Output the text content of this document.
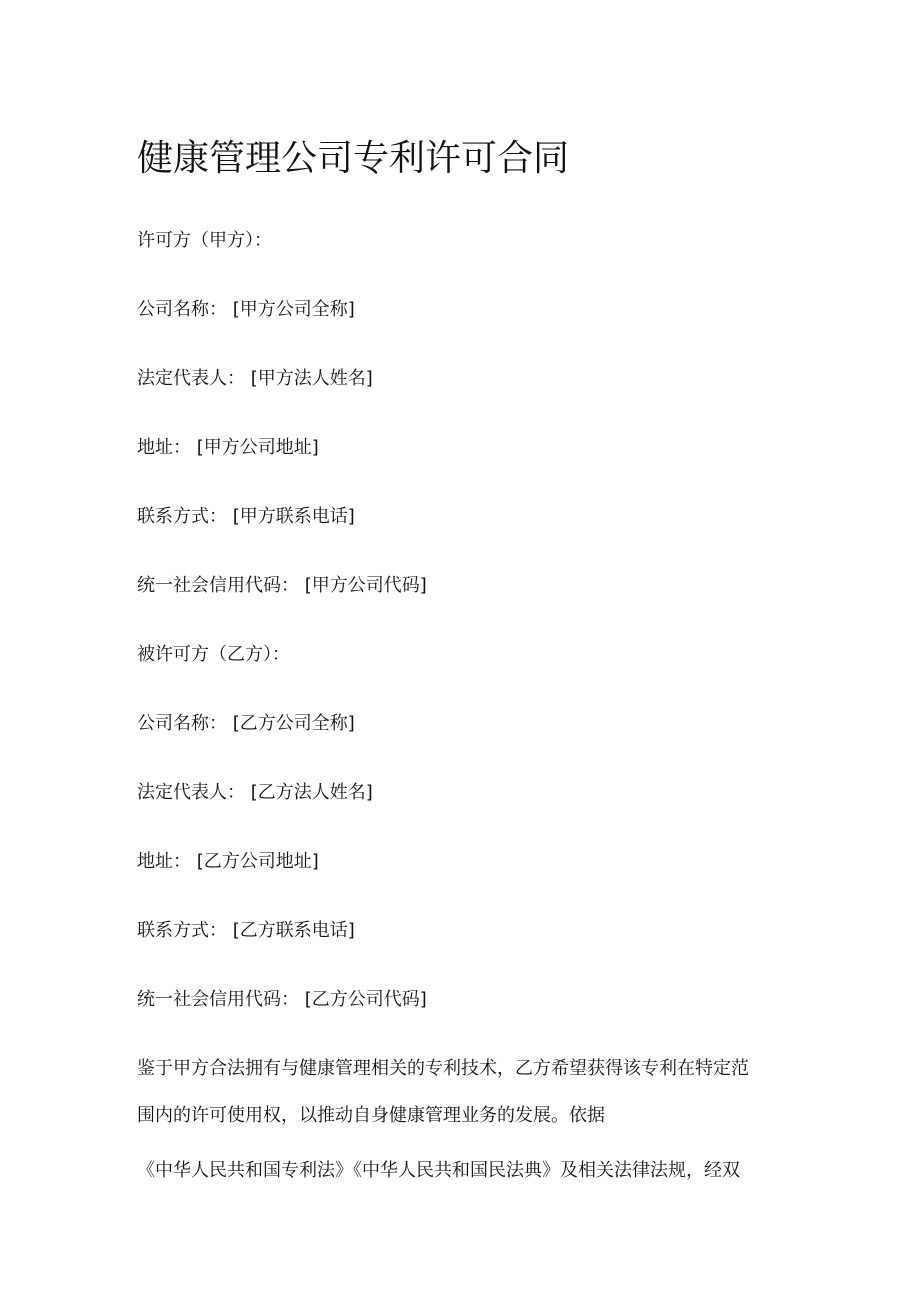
健康管理公司专利许可合同

许可方（甲方）：

公司名称： [甲方公司全称]

法定代表人： [甲方法人姓名]

地址： [甲方公司地址]

联系方式： [甲方联系电话]

统一社会信用代码： [甲方公司代码]

被许可方（乙方）：

公司名称： [乙方公司全称]

法定代表人： [乙方法人姓名]

地址： [乙方公司地址]

联系方式： [乙方联系电话]

统一社会信用代码： [乙方公司代码]

鉴于甲方合法拥有与健康管理相关的专利技术，乙方希望获得该专利在特定范

围内的许可使用权，以推动自身健康管理业务的发展。依据

《中华人民共和国专利法》《中华人民共和国民法典》及相关法律法规，经双
